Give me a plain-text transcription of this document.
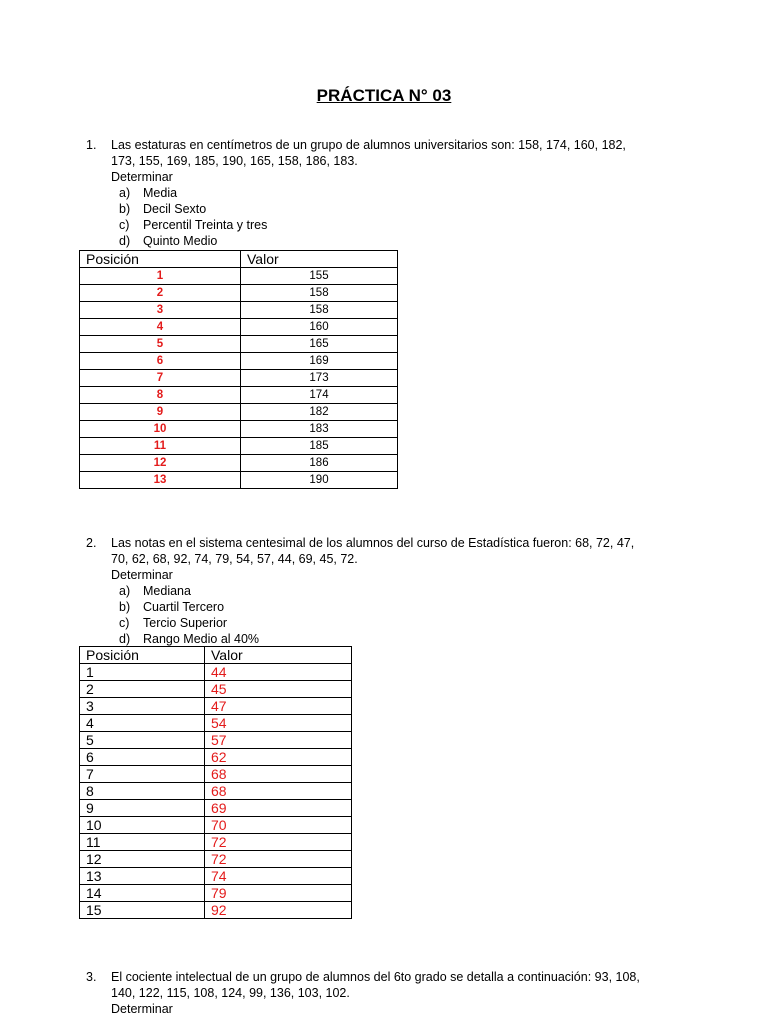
PRÁCTICA N° 03
1. Las estaturas en centímetros de un grupo de alumnos universitarios son: 158, 174, 160, 182,

173, 155, 169, 185, 190, 165, 158, 186, 183.

Determinar

a) Media
b) Decil Sexto
c) Percentil Treinta y tres
d) Quinto Medio
Posición	Valor
1	155
2	158
3	158
4	160
5	165
6	169
7	173
8	174
9	182
10	183
11	185
12	186
13	190
2. Las notas en el sistema centesimal de los alumnos del curso de Estadística fueron: 68, 72, 47,

70, 62, 68, 92, 74, 79, 54, 57, 44, 69, 45, 72.

Determinar

a) Mediana
b) Cuartil Tercero
c) Tercio Superior
d) Rango Medio al 40%
Posición	Valor
1	44
2	45
3	47
4	54
5	57
6	62
7	68
8	68
9	69
10	70
11	72
12	72
13	74
14	79
15	92
3. El cociente intelectual de un grupo de alumnos del 6to grado se detalla a continuación: 93, 108,

140, 122, 115, 108, 124, 99, 136, 103, 102.

Determinar
